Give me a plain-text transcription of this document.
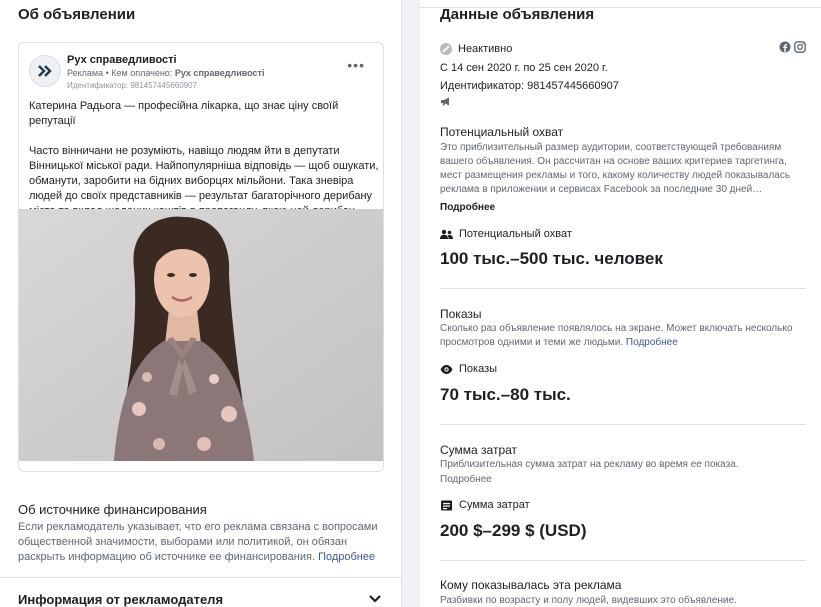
Об объявлении
Рух справедливості
Реклама • Кем оплачено: Рух справедливості
Идентификатор: 981457445660907
•••

Катерина Радьога — професійна лікарка, що знає ціну своїй репутації

Часто вінничани не розуміють, навіщо людям йти в депутати Вінницької міської ради. Найпопулярніша відповідь — щоб ошукати, обманути, заробити на бідних виборцях мільйони. Така зневіра людей до своїх представників — результат багаторічного дерибану

Об источнике финансирования
Если рекламодатель указывает, что его реклама связана с вопросами общественной значимости, выборами или политикой, он обязан раскрыть информацию об источнике ее финансирования. Подробнее
Информация от рекламодателя
Данные объявления
Неактивно
С 14 сен 2020 г. по 25 сен 2020 г.
Идентификатор: 981457445660907
Потенциальный охват
Это приблизительный размер аудитории, соответствующей требованиям вашего объявления. Он рассчитан на основе ваших критериев таргетинга, мест размещения рекламы и того, какому количеству людей показывалась реклама в приложении и сервисах Facebook за последние 30 дней…
Подробнее
Потенциальный охват
100 тыс.–500 тыс. человек
Показы
Сколько раз объявление появлялось на экране. Может включать несколько просмотров одними и теми же людьми. Подробнее
Показы
70 тыс.–80 тыс.
Сумма затрат
Приблизительная сумма затрат на рекламу во время ее показа.
Подробнее
Сумма затрат
200 $–299 $ (USD)
Кому показывалась эта реклама
Разбивки по возрасту и полу людей, видевших это объявление.
